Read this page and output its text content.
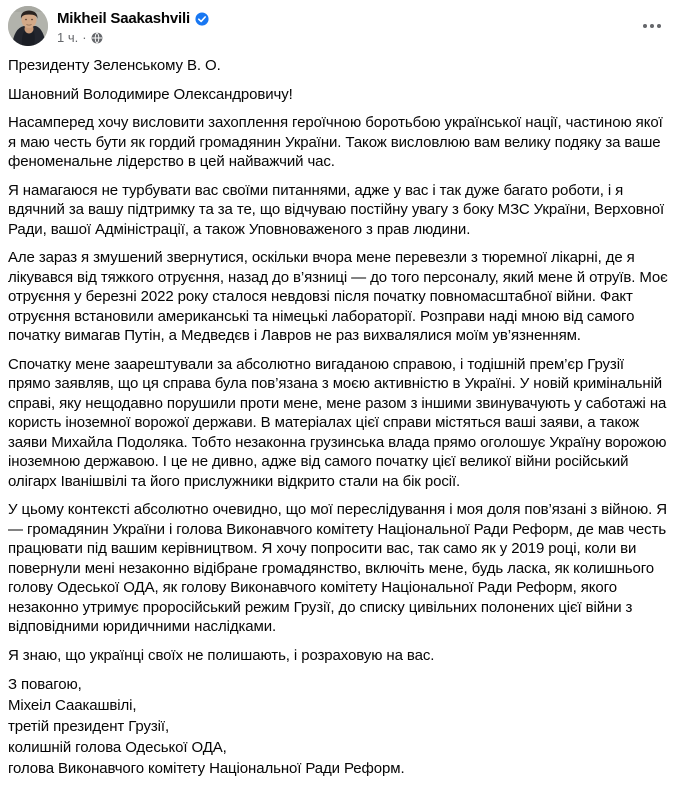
Mikheil Saakashvili
1 ч. ·

Президенту Зеленському В. О.

Шановний Володимире Олександровичу!

Насамперед хочу висловити захоплення героїчною боротьбою української нації, частиною якої я маю честь бути як гордий громадянин України. Також висловлюю вам велику подяку за ваше феноменальне лідерство в цей найважчий час.

Я намагаюся не турбувати вас своїми питаннями, адже у вас і так дуже багато роботи, і я вдячний за вашу підтримку та за те, що відчуваю постійну увагу з боку МЗС України, Верховної Ради, вашої Адміністрації, а також Уповноваженого з прав людини.

Але зараз я змушений звернутися, оскільки вчора мене перевезли з тюремної лікарні, де я лікувався від тяжкого отруєння, назад до в’язниці — до того персоналу, який мене й отруїв. Моє отруєння у березні 2022 року сталося невдовзі після початку повномасштабної війни. Факт отруєння встановили американські та німецькі лабораторії. Розправи наді мною від самого початку вимагав Путін, а Медведєв і Лавров не раз вихвалялися моїм ув’язненням.

Спочатку мене заарештували за абсолютно вигаданою справою, і тодішній прем’єр Грузії прямо заявляв, що ця справа була пов’язана з моєю активністю в Україні. У новій кримінальній справі, яку нещодавно порушили проти мене, мене разом з іншими звинувачують у саботажі на користь іноземної ворожої держави. В матеріалах цієї справи містяться ваші заяви, а також заяви Михайла Подоляка. Тобто незаконна грузинська влада прямо оголошує Україну ворожою іноземною державою. І це не дивно, адже від самого початку цієї великої війни російський олігарх Іванішвілі та його прислужники відкрито стали на бік росії.

У цьому контексті абсолютно очевидно, що мої переслідування і моя доля пов’язані з війною. Я — громадянин України і голова Виконавчого комітету Національної Ради Реформ, де мав честь працювати під вашим керівництвом. Я хочу попросити вас, так само як у 2019 році, коли ви повернули мені незаконно відібране громадянство, включіть мене, будь ласка, як колишнього голову Одеської ОДА, як голову Виконавчого комітету Національної Ради Реформ, якого незаконно утримує проросійський режим Грузії, до списку цивільних полонених цієї війни з відповідними юридичними наслідками.

Я знаю, що українці своїх не полишають, і розраховую на вас.

З повагою,
Міхеіл Саакашвілі,
третій президент Грузії,
колишній голова Одеської ОДА,
голова Виконавчого комітету Національної Ради Реформ.
